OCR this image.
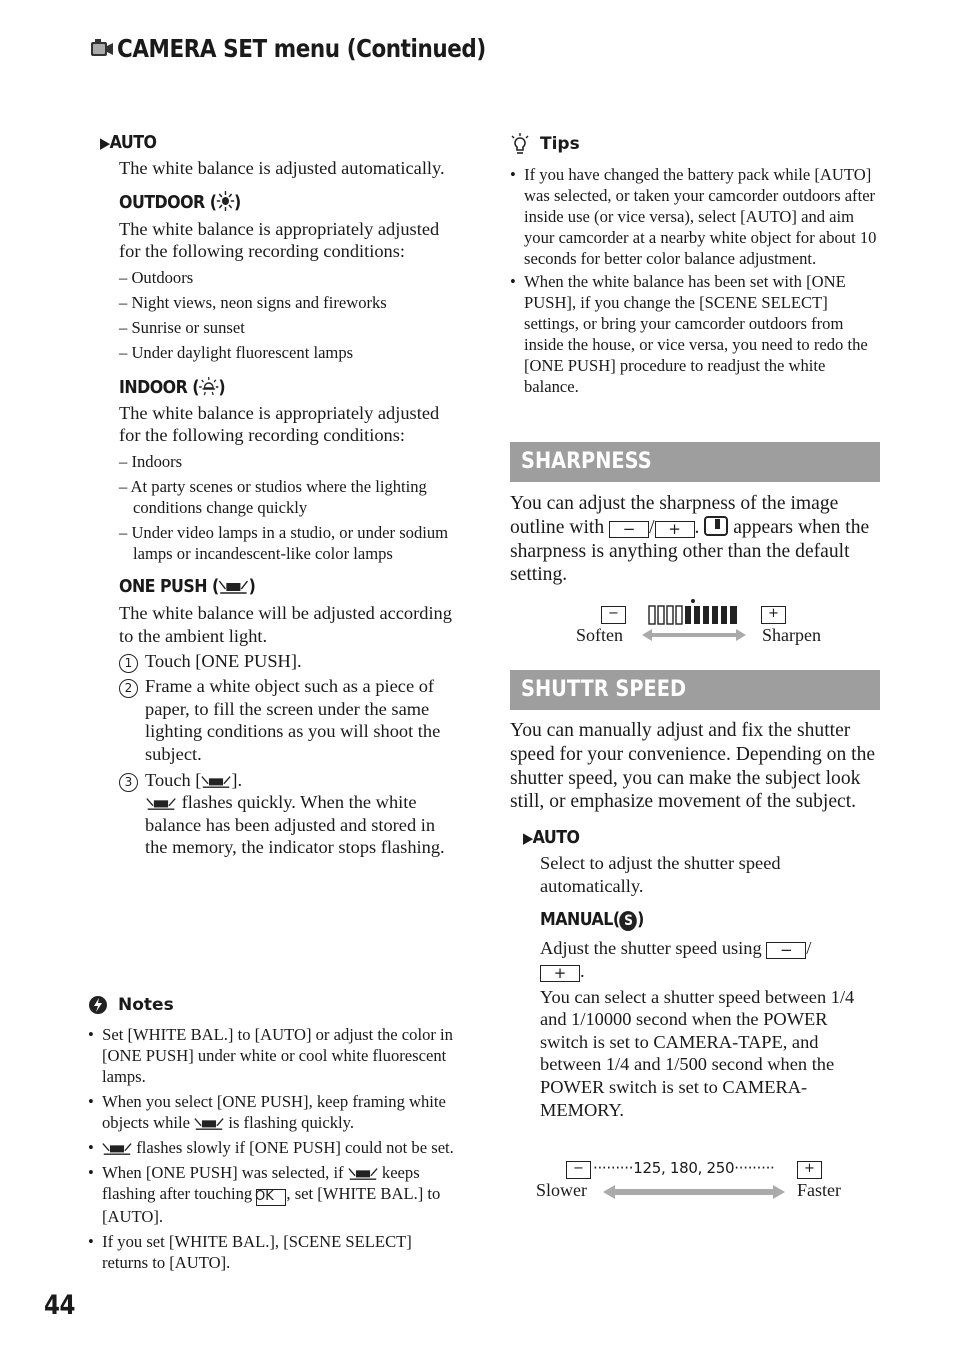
CAMERA SET menu (Continued)
▶AUTO

The white balance is adjusted automatically.

OUTDOOR ( )

The white balance is appropriately adjusted for the following recording conditions:

– Outdoors
– Night views, neon signs and fireworks
– Sunrise or sunset
– Under daylight fluorescent lamps
INDOOR ( )

The white balance is appropriately adjusted for the following recording conditions:

– Indoors
– At party scenes or studios where the lighting conditions change quickly
– Under video lamps in a studio, or under sodium lamps or incandescent-like color lamps
ONE PUSH ( )

The white balance will be adjusted according to the ambient light.

1 Touch [ONE PUSH].
2 Frame a white object such as a piece of paper, to fill the screen under the same lighting conditions as you will shoot the subject.
3 Touch [ ].
flashes quickly. When the white balance has been adjusted and stored in the memory, the indicator stops flashing.
Notes
•  Set [WHITE BAL.] to [AUTO] or adjust the color in [ONE PUSH] under white or cool white fluorescent lamps.
•  When you select [ONE PUSH], keep framing white objects while is flashing quickly.
•   flashes slowly if [ONE PUSH] could not be set.
•  When [ONE PUSH] was selected, if keeps flashing after touching OK , set [WHITE BAL.] to [AUTO].
•  If you set [WHITE BAL.], [SCENE SELECT] returns to [AUTO].
Tips
•  If you have changed the battery pack while [AUTO] was selected, or taken your camcorder outdoors after inside use (or vice versa), select [AUTO] and aim your camcorder at a nearby white object for about 10 seconds for better color balance adjustment.
•  When the white balance has been set with [ONE PUSH], if you change the [SCENE SELECT] settings, or bring your camcorder outdoors from inside the house, or vice versa, you need to redo the [ONE PUSH] procedure to readjust the white balance.
SHARPNESS

You can adjust the sharpness of the image outline with − / + .  appears when the sharpness is anything other than the default setting.

−	+
Soften	Sharpen
SHUTTR SPEED

You can manually adjust and fix the shutter speed for your convenience. Depending on the shutter speed, you can make the subject look still, or emphasize movement of the subject.

▶AUTO

Select to adjust the shutter speed automatically.

MANUAL( S )

Adjust the shutter speed using − /
+ .

You can select a shutter speed between 1/4 and 1/10000 second when the POWER switch is set to CAMERA-TAPE, and between 1/4 and 1/500 second when the POWER switch is set to CAMERA-MEMORY.

− ·········125, 180, 250·········	+
Slower	Faster
44
